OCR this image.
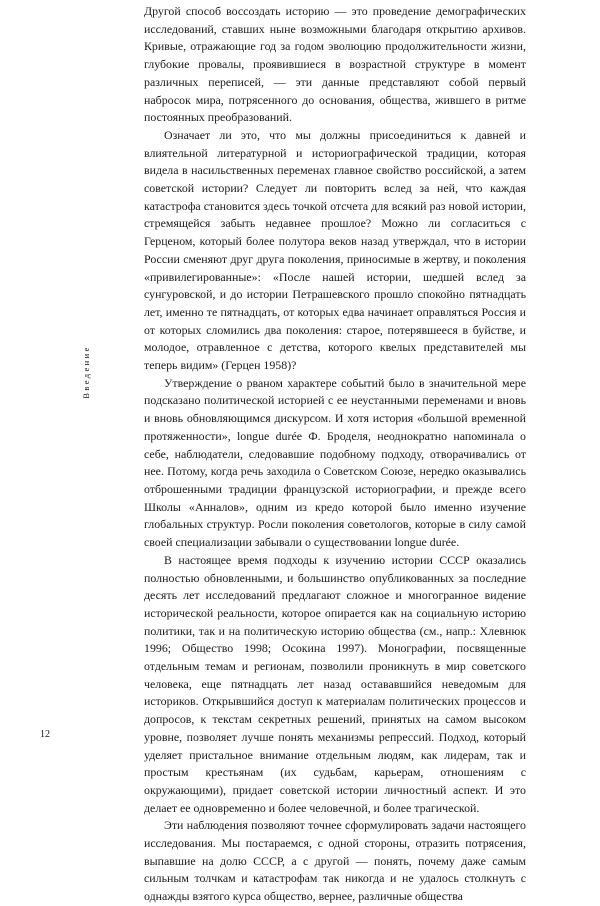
Введение

Другой способ воссоздать историю — это проведение демографических исследований, ставших ныне возможными благодаря открытию архивов. Кривые, отражающие год за годом эволюцию продолжительности жизни, глубокие провалы, проявившиеся в возрастной структуре в момент различных переписей, — эти данные представляют собой первый набросок мира, потрясенного до основания, общества, жившего в ритме постоянных преобразований.

Означает ли это, что мы должны присоединиться к давней и влиятельной литературной и историографической традиции, которая видела в насильственных переменах главное свойство российской, а затем советской истории? Следует ли повторить вслед за ней, что каждая катастрофа становится здесь точкой отсчета для всякий раз новой истории, стремящейся забыть недавнее прошлое? Можно ли согласиться с Герценом, который более полутора веков назад утверждал, что в истории России сменяют друг друга поколения, приносимые в жертву, и поколения «привилегированные»: «После нашей истории, шедшей вслед за сунгуровской, и до истории Петрашевского прошло спокойно пятнадцать лет, именно те пятнадцать, от которых едва начинает оправляться Россия и от которых сломились два поколения: старое, потерявшееся в буйстве, и молодое, отравленное с детства, которого квелых представителей мы теперь видим» (Герцен 1958)?

Утверждение о рваном характере событий было в значительной мере подсказано политической историей с ее неустанными переменами и вновь и вновь обновляющимся дискурсом. И хотя история «большой временной протяженности», longue durée Ф. Броделя, неоднократно напоминала о себе, наблюдатели, следовавшие подобному подходу, отворачивались от нее. Потому, когда речь заходила о Советском Союзе, нередко оказывались отброшенными традиции французской историографии, и прежде всего Школы «Анналов», одним из кредо которой было именно изучение глобальных структур. Росли поколения советологов, которые в силу самой своей специализации забывали о существовании longue durée.

В настоящее время подходы к изучению истории СССР оказались полностью обновленными, и большинство опубликованных за последние десять лет исследований предлагают сложное и многогранное видение исторической реальности, которое опирается как на социальную историю политики, так и на политическую историю общества (см., напр.: Хлевнюк 1996; Общество 1998; Осокина 1997). Монографии, посвященные отдельным темам и регионам, позволили проникнуть в мир советского человека, еще пятнадцать лет назад остававшийся неведомым для историков. Открывшийся доступ к материалам политических процессов и допросов, к текстам секретных решений, принятых на самом высоком уровне, позволяет лучше понять механизмы репрессий. Подход, который уделяет пристальное внимание отдельным людям, как лидерам, так и простым крестьянам (их судьбам, карьерам, отношениям с окружающими), придает советской истории личностный аспект. И это делает ее одновременно и более человечной, и более трагической.

Эти наблюдения позволяют точнее сформулировать задачи настоящего исследования. Мы постараемся, с одной стороны, отразить потрясения, выпавшие на долю СССР, а с другой — понять, почему даже самым сильным толчкам и катастрофам так никогда и не удалось столкнуть с однажды взятого курса общество, вернее, различные общества

12
